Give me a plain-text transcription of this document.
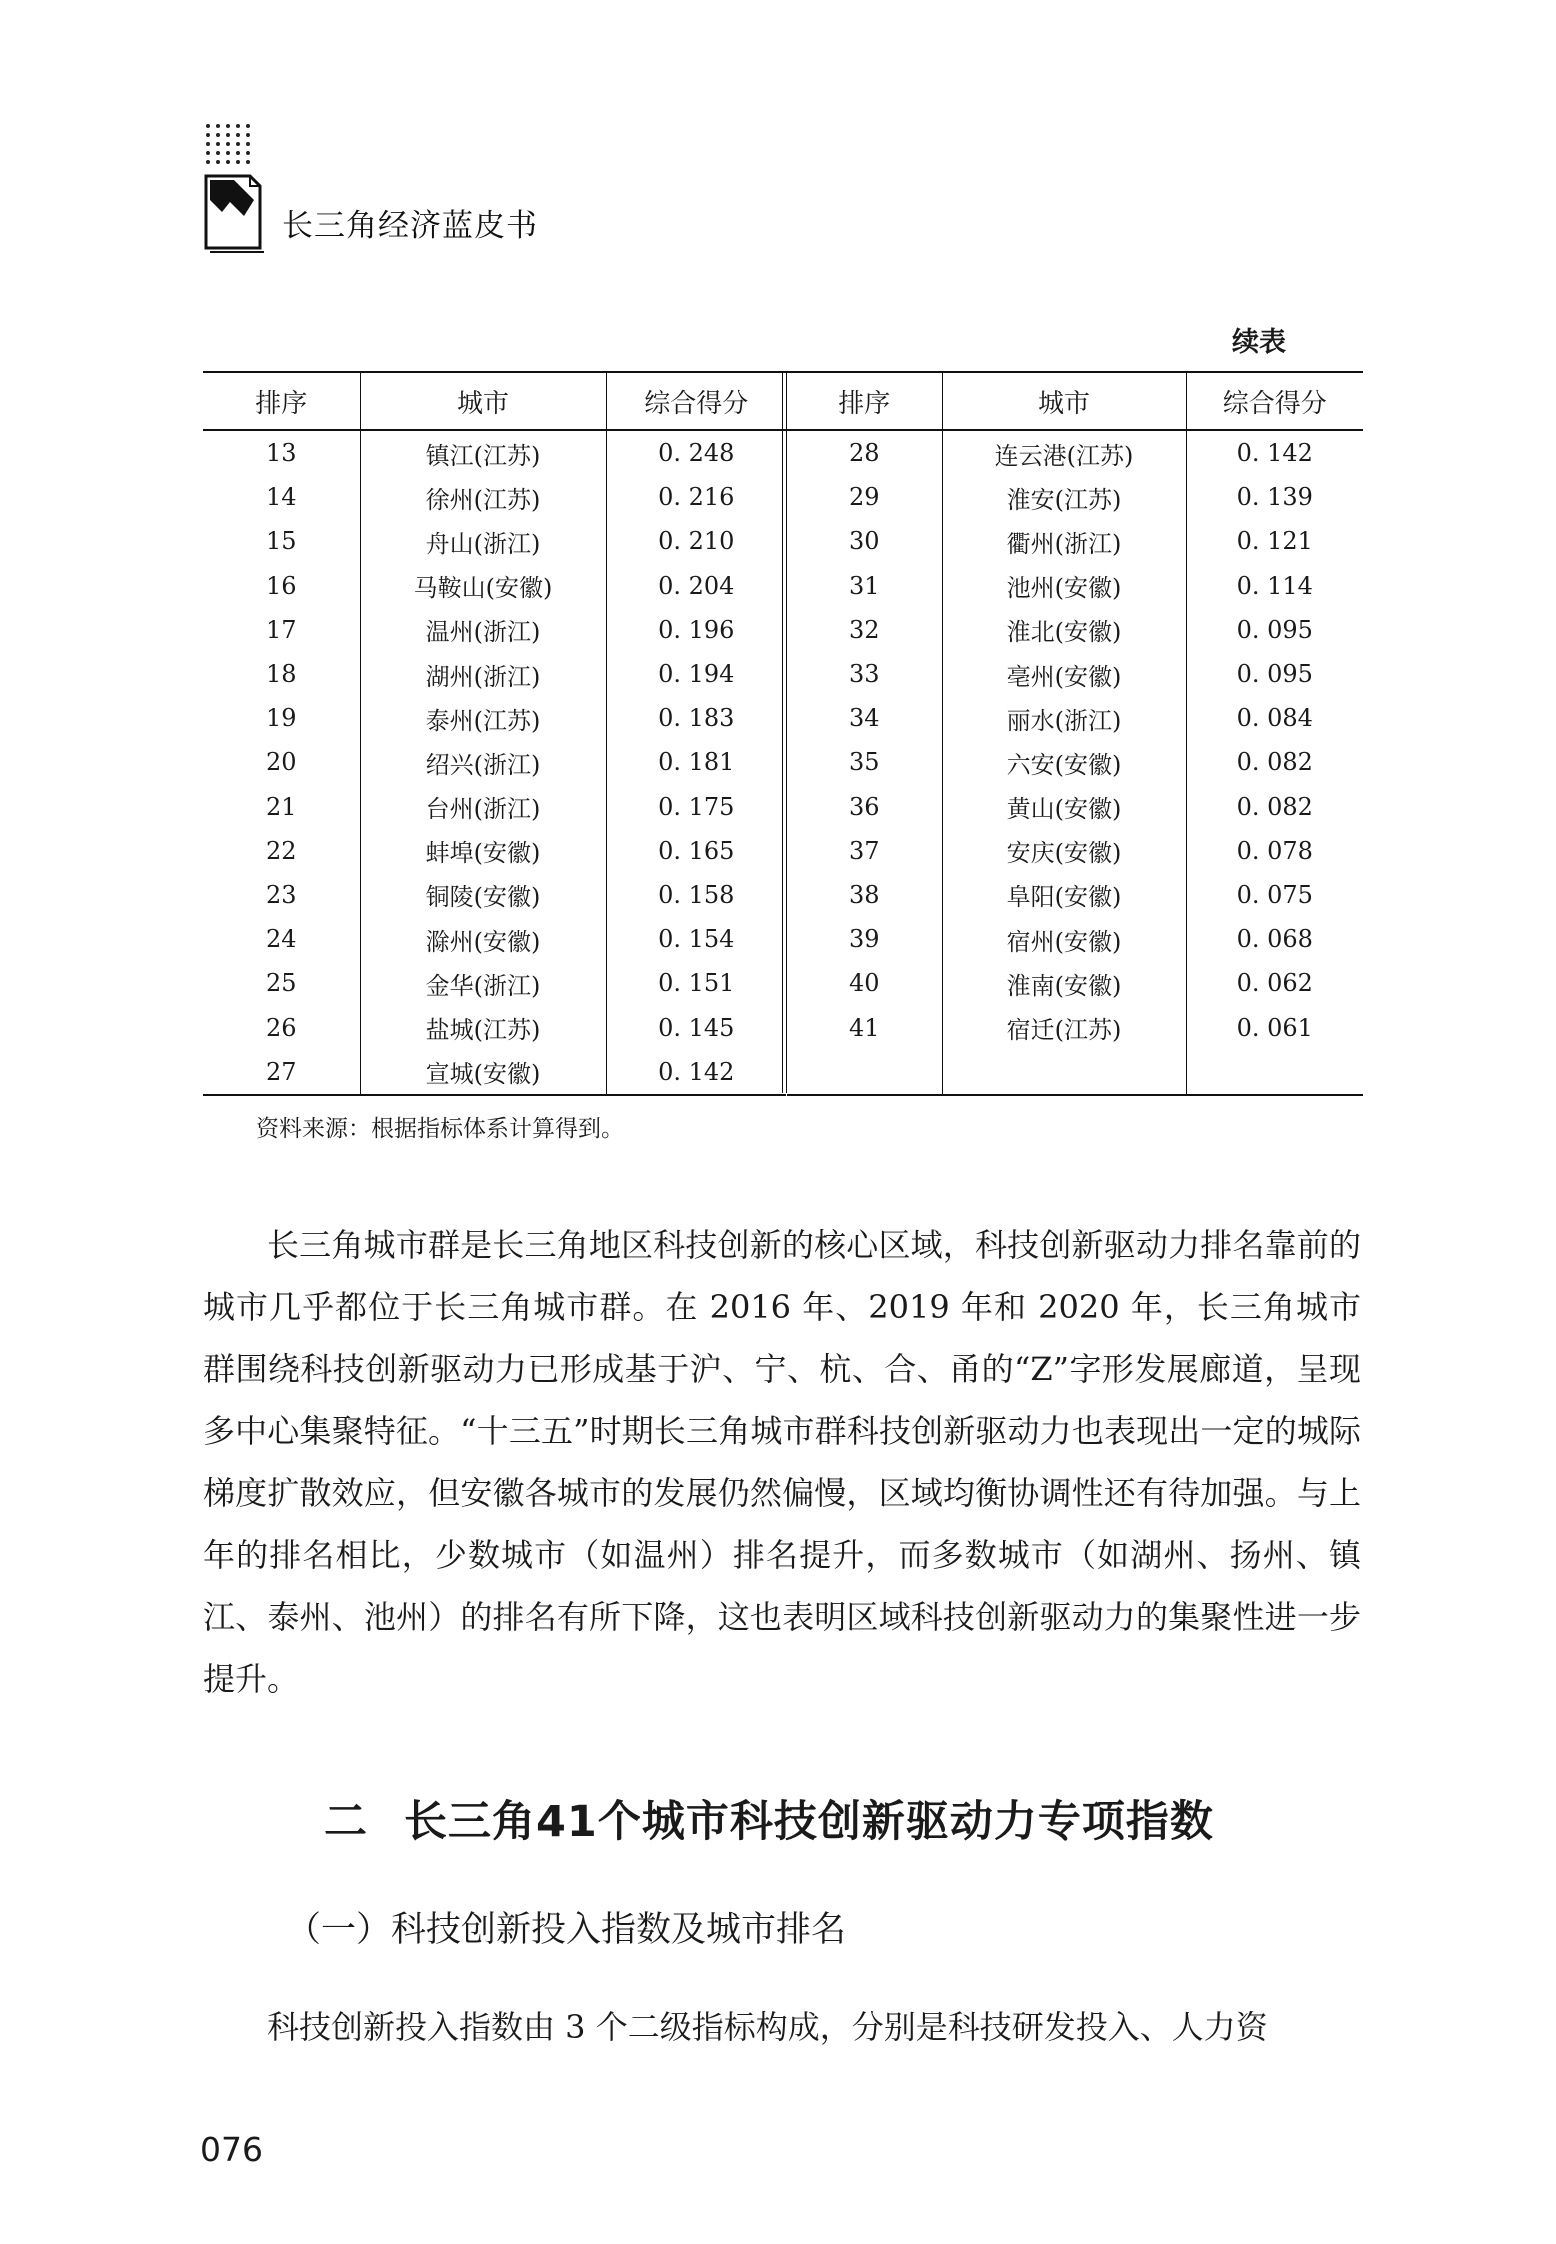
长三角经济蓝皮书
续表
排序	城市	综合得分
13	镇江(江苏)	0. 248
14	徐州(江苏)	0. 216
15	舟山(浙江)	0. 210
16	马鞍山(安徽)	0. 204
17	温州(浙江)	0. 196
18	湖州(浙江)	0. 194
19	泰州(江苏)	0. 183
20	绍兴(浙江)	0. 181
21	台州(浙江)	0. 175
22	蚌埠(安徽)	0. 165
23	铜陵(安徽)	0. 158
24	滁州(安徽)	0. 154
25	金华(浙江)	0. 151
26	盐城(江苏)	0. 145
27	宣城(安徽)	0. 142
排序	城市	综合得分
28	连云港(江苏)	0. 142
29	淮安(江苏)	0. 139
30	衢州(浙江)	0. 121
31	池州(安徽)	0. 114
32	淮北(安徽)	0. 095
33	亳州(安徽)	0. 095
34	丽水(浙江)	0. 084
35	六安(安徽)	0. 082
36	黄山(安徽)	0. 082
37	安庆(安徽)	0. 078
38	阜阳(安徽)	0. 075
39	宿州(安徽)	0. 068
40	淮南(安徽)	0. 062
41	宿迁(江苏)	0. 061

资料来源：根据指标体系计算得到。
长三角城市群是长三角地区科技创新的核心区域，科技创新驱动力排名靠前的城市几乎都位于长三角城市群。在 2016 年、2019 年和 2020 年，长三角城市群围绕科技创新驱动力已形成基于沪、宁、杭、合、甬的“Z”字形发展廊道，呈现多中心集聚特征。“十三五”时期长三角城市群科技创新驱动力也表现出一定的城际梯度扩散效应，但安徽各城市的发展仍然偏慢，区域均衡协调性还有待加强。与上年的排名相比，少数城市（如温州）排名提升，而多数城市（如湖州、扬州、镇江、泰州、池州）的排名有所下降，这也表明区域科技创新驱动力的集聚性进一步提升。
二 长三角41个城市科技创新驱动力专项指数
（一）科技创新投入指数及城市排名
科技创新投入指数由 3 个二级指标构成，分别是科技研发投入、人力资
076
